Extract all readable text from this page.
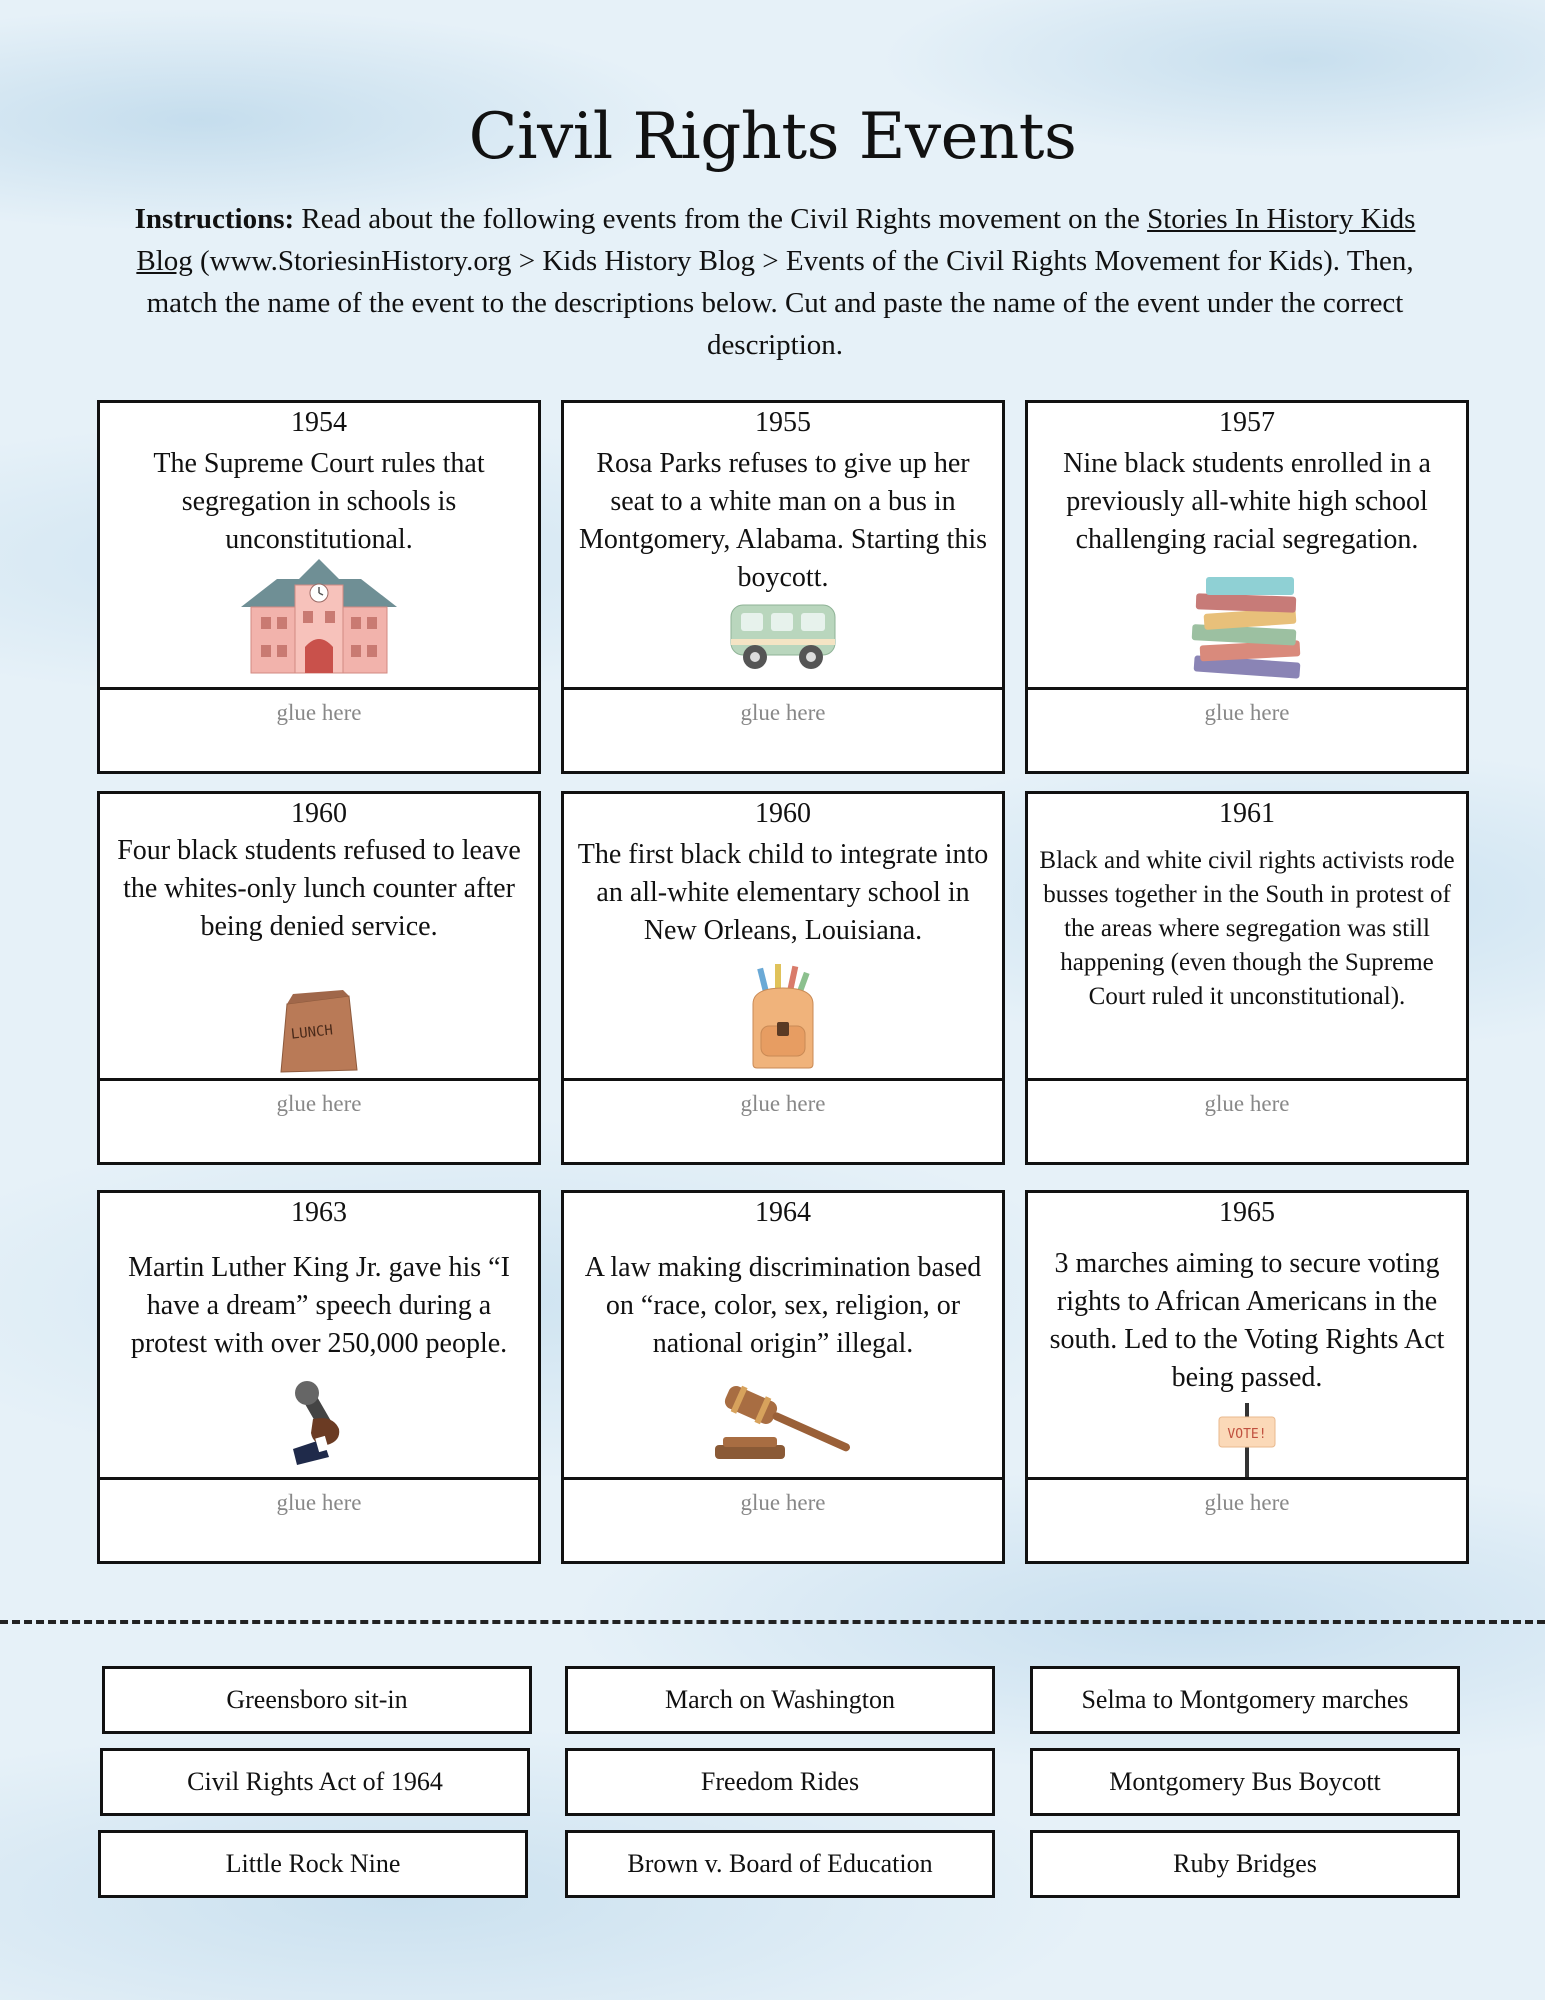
Civil Rights Events

Instructions: Read about the following events from the Civil Rights movement on the Stories In History Kids Blog (www.StoriesinHistory.org > Kids History Blog > Events of the Civil Rights Movement for Kids). Then, match the name of the event to the descriptions below. Cut and paste the name of the event under the correct description.

1954
The Supreme Court rules that segregation in schools is unconstitutional.
glue here
1955
Rosa Parks refuses to give up her seat to a white man on a bus in Montgomery, Alabama. Starting this boycott.
glue here
1957
Nine black students enrolled in a previously all-white high school challenging racial segregation.
glue here
1960
Four black students refused to leave the whites-only lunch counter after being denied service.
LUNCH
glue here
1960
The first black child to integrate into an all-white elementary school in New Orleans, Louisiana.
glue here
1961
Black and white civil rights activists rode busses together in the South in protest of the areas where segregation was still happening (even though the Supreme Court ruled it unconstitutional).
glue here
1963
Martin Luther King Jr. gave his “I have a dream” speech during a protest with over 250,000 people.
glue here
1964
A law making discrimination based on “race, color, sex, religion, or national origin” illegal.
glue here
1965
3 marches aiming to secure voting rights to African Americans in the south. Led to the Voting Rights Act being passed.
VOTE!
glue here
Greensboro sit-in	March on Washington	Selma to Montgomery marches
Civil Rights Act of 1964	Freedom Rides	Montgomery Bus Boycott
Little Rock Nine	Brown v. Board of Education	Ruby Bridges
